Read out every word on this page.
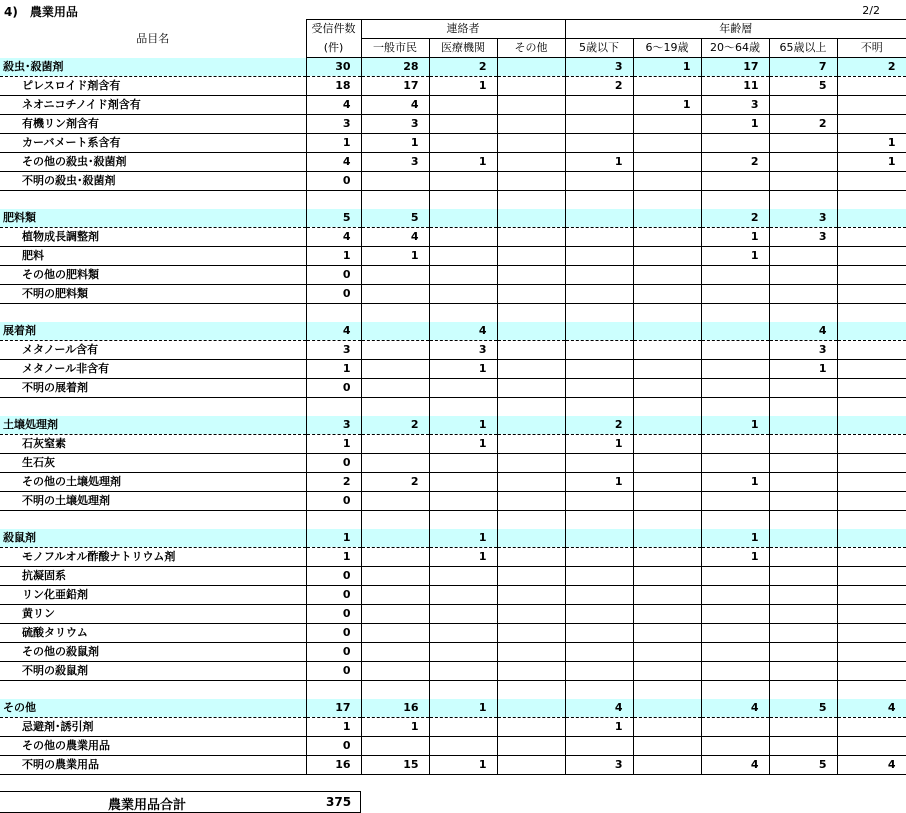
4)　農業用品	2/2
品目名	受信件数	連絡者			年齢層				
	(件)	一般市民	医療機関	その他	5歳以下	6～19歳	20～64歳	65歳以上	不明
殺虫･殺菌剤	30	28	2		3	1	17	7	2
ピレスロイド剤含有	18	17	1		2		11	5	
ネオニコチノイド剤含有	4	4				1	3		
有機リン剤含有	3	3					1	2	
カーバメート系含有	1	1							1
その他の殺虫･殺菌剤	4	3	1		1		2		1
不明の殺虫･殺菌剤	0								

肥料類	5	5					2	3	
植物成長調整剤	4	4					1	3	
肥料	1	1					1		
その他の肥料類	0								
不明の肥料類	0								

展着剤	4		4					4	
メタノール含有	3		3					3	
メタノール非含有	1		1					1	
不明の展着剤	0								

土壌処理剤	3	2	1		2		1		
石灰窒素	1		1		1				
生石灰	0								
その他の土壌処理剤	2	2			1		1		
不明の土壌処理剤	0								

殺鼠剤	1		1				1		
モノフルオル酢酸ナトリウム剤	1		1				1		
抗凝固系	0								
リン化亜鉛剤	0								
黄リン	0								
硫酸タリウム	0								
その他の殺鼠剤	0								
不明の殺鼠剤	0								

その他	17	16	1		4		4	5	4
忌避剤･誘引剤	1	1			1				
その他の農業用品	0								
不明の農業用品	16	15	1		3		4	5	4
農業用品合計	375
